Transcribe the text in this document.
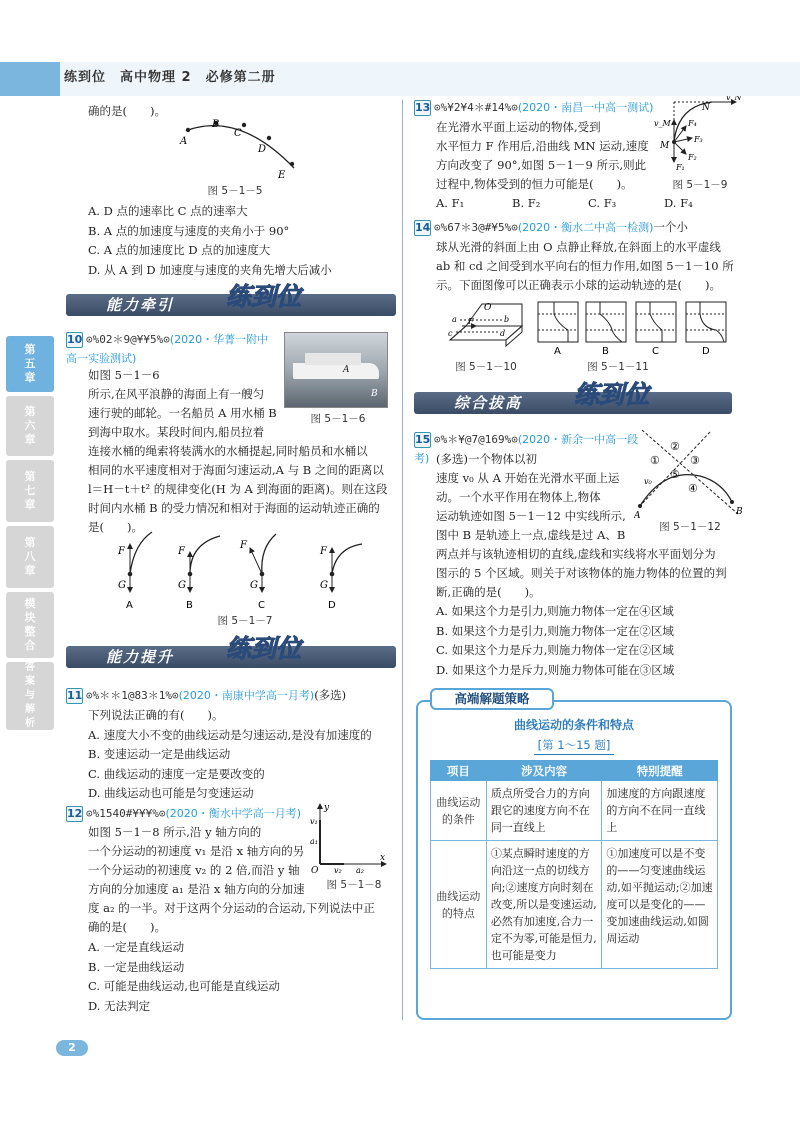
练到位　高中物理 2　必修第二册
第五章
第六章
第七章
第八章
模块整合
答案与解析
确的是(　　)。
A
B
C
D
E
图 5－1－5

A. D 点的速率比 C 点的速率大

B. A 点的加速度与速度的夹角小于 90°

C. A 点的加速度比 D 点的加速度大

D. 从 A 到 D 加速度与速度的夹角先增大后减小

能力牵引 练到位

10 ⊙%02＊9@¥¥5%⊙(2020・华菁一附中高一实验测试)

如图 5－1－6

所示,在风平浪静的海面上有一艘匀

速行驶的邮轮。一名船员 A 用水桶 B

到海中取水。某段时间内,船员拉着

A
B
图 5－1－6

连接水桶的绳索将装满水的水桶提起,同时船员和水桶以

相同的水平速度相对于海面匀速运动,A 与 B 之间的距离以

l＝H－t＋t² 的规律变化(H 为 A 到海面的距离)。则在这段

时间内水桶 B 的受力情况和相对于海面的运动轨迹正确的

是(　　)。

F
G
A
F
G
B
F
G
C
F
G
D
图 5－1－7
能力提升 练到位

11 ⊙%＊＊1@83＊1%⊙(2020・南康中学高一月考)(多选)

下列说法正确的有(　　)。

A. 速度大小不变的曲线运动是匀速运动,是没有加速度的

B. 变速运动一定是曲线运动

C. 曲线运动的速度一定是要改变的

D. 曲线运动也可能是匀变速运动

12 ⊙%1540#¥¥¥%⊙(2020・衡水中学高一月考)

如图 5－1－8 所示,沿 y 轴方向的

一个分运动的初速度 v₁ 是沿 x 轴方向的另

一个分运动的初速度 v₂ 的 2 倍,而沿 y 轴

方向的分加速度 a₁ 是沿 x 轴方向的分加速

y
x
O
v₁
a₁
v₂ a₂
图 5－1－8

度 a₂ 的一半。对于这两个分运动的合运动,下列说法中正

确的是(　　)。

A. 一定是直线运动

B. 一定是曲线运动

C. 可能是曲线运动,也可能是直线运动

D. 无法判定

13 ⊙%¥2¥4＊#14%⊙(2020・南昌一中高一测试)

在光滑水平面上运动的物体,受到

水平恒力 F 作用后,沿曲线 MN 运动,速度

方向改变了 90°,如图 5－1－9 所示,则此

过程中,物体受到的恒力可能是(　　)。

N
v_N
v_M
M
F₁
F₂
F₃
F₄
图 5－1－9
A. F₁	B. F₂	C. F₃	D. F₄

14 ⊙%67＊3@#¥5%⊙(2020・衡水二中高一检测)一个小

球从光滑的斜面上由 O 点静止释放,在斜面上的水平虚线

ab 和 cd 之间受到水平向右的恒力作用,如图 5－1－10 所

示。下面图像可以正确表示小球的运动轨迹的是(　　)。

O
a	b
c	d
F
A	B	C	D
图 5－1－10	图 5－1－11
综合拔高 练到位

15 ⊙%＊¥@7@169%⊙(2020・新余一中高一段考) (多选)一个物体以初

速度 v₀ 从 A 开始在光滑水平面上运

动。一个水平作用在物体上,物体

运动轨迹如图 5－1－12 中实线所示,

图中 B 是轨迹上一点,虚线是过 A、B

②
①	③
⑤
④
A	B
v₀
图 5－1－12

两点并与该轨迹相切的直线,虚线和实线将水平面划分为

图示的 5 个区域。则关于对该物体的施力物体的位置的判

断,正确的是(　　)。

A. 如果这个力是引力,则施力物体一定在④区域

B. 如果这个力是引力,则施力物体一定在②区域

C. 如果这个力是斥力,则施力物体一定在②区域

D. 如果这个力是斥力,则施力物体可能在③区域

高端解题策略
曲线运动的条件和特点
[第 1～15 题]
项目	涉及内容	特别提醒
曲线运动的条件	质点所受合力的方向跟它的速度方向不在同一直线上	加速度的方向跟速度的方向不在同一直线上
曲线运动的特点	①某点瞬时速度的方向沿这一点的切线方向;②速度方向时刻在改变,所以是变速运动,必然有加速度,合力一定不为零,可能是恒力,也可能是变力	①加速度可以是不变的——匀变速曲线运动,如平抛运动;②加速度可以是变化的——变加速曲线运动,如圆周运动
2
